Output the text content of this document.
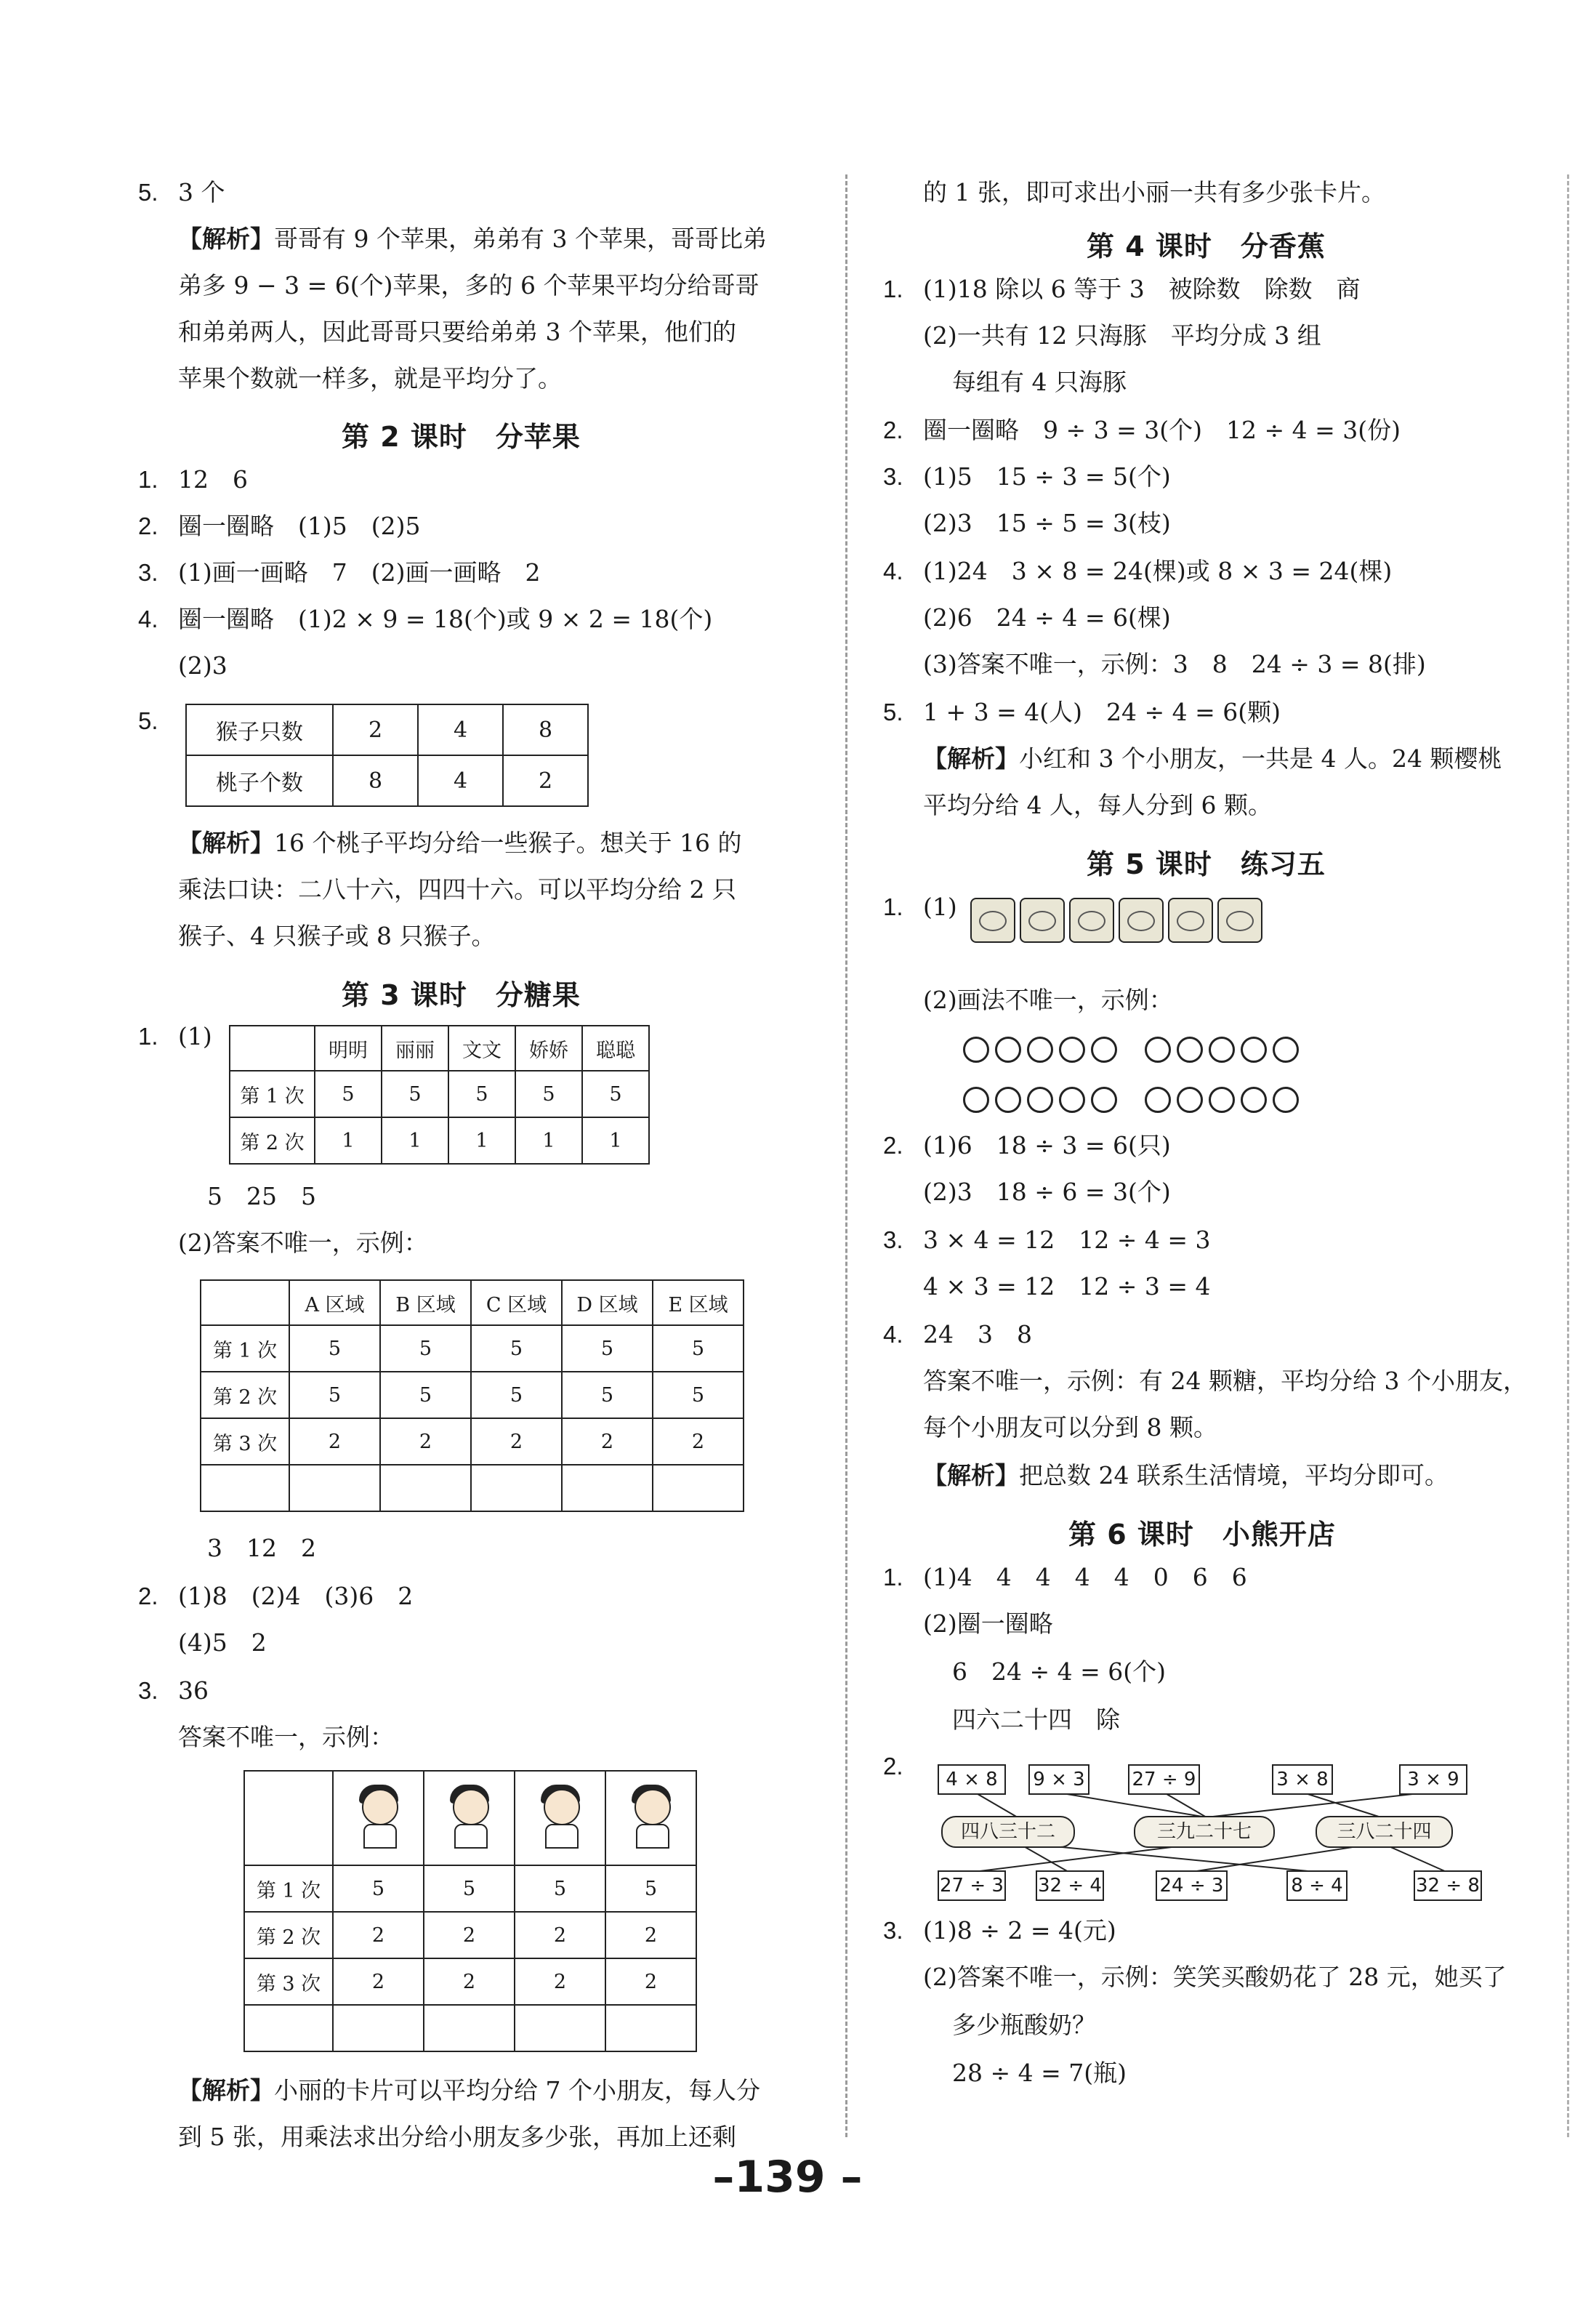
5. 3 个
【解析】哥哥有 9 个苹果，弟弟有 3 个苹果，哥哥比弟
弟多 9 − 3 = 6(个)苹果，多的 6 个苹果平均分给哥哥
和弟弟两人，因此哥哥只要给弟弟 3 个苹果，他们的
苹果个数就一样多，就是平均分了。
第 2 课时　分苹果
1. 12　6
2. 圈一圈略　(1)5　(2)5
3. (1)画一画略　7　(2)画一画略　2
4. 圈一圈略　(1)2 × 9 = 18(个)或 9 × 2 = 18(个)
(2)3
5.	猴子只数	2	4	8
桃子个数	8	4	2
【解析】16 个桃子平均分给一些猴子。想关于 16 的
乘法口诀：二八十六，四四十六。可以平均分给 2 只
猴子、4 只猴子或 8 只猴子。
第 3 课时　分糖果
1. (1)
		明明	丽丽	文文	娇娇	聪聪
第 1 次	5	5	5	5	5
第 2 次	1	1	1	1	1
5　25　5
(2)答案不唯一，示例：
	A 区域	B 区域	C 区域	D 区域	E 区域
第 1 次	5	5	5	5	5
第 2 次	5	5	5	5	5
第 3 次	2	2	2	2	2

3　12　2
2. (1)8　(2)4　(3)6　2
(4)5　2
3. 36
答案不唯一，示例：

第 1 次	5	5	5	5
第 2 次	2	2	2	2
第 3 次	2	2	2	2

【解析】小丽的卡片可以平均分给 7 个小朋友，每人分
到 5 张，用乘法求出分给小朋友多少张，再加上还剩
的 1 张，即可求出小丽一共有多少张卡片。
第 4 课时　分香蕉
1. (1)18 除以 6 等于 3　被除数　除数　商
(2)一共有 12 只海豚　平均分成 3 组
每组有 4 只海豚
2. 圈一圈略　9 ÷ 3 = 3(个)　12 ÷ 4 = 3(份)
3. (1)5　15 ÷ 3 = 5(个)
(2)3　15 ÷ 5 = 3(枝)
4. (1)24　3 × 8 = 24(棵)或 8 × 3 = 24(棵)
(2)6　24 ÷ 4 = 6(棵)
(3)答案不唯一，示例：3　8　24 ÷ 3 = 8(排)
5. 1 + 3 = 4(人)　24 ÷ 4 = 6(颗)
【解析】小红和 3 个小朋友，一共是 4 人。24 颗樱桃
平均分给 4 人，每人分到 6 颗。
第 5 课时　练习五
1. (1)
(2)画法不唯一，示例：
2. (1)6　18 ÷ 3 = 6(只)
(2)3　18 ÷ 6 = 3(个)
3. 3 × 4 = 12　12 ÷ 4 = 3
4 × 3 = 12　12 ÷ 3 = 4
4. 24　3　8
答案不唯一，示例：有 24 颗糖，平均分给 3 个小朋友，
每个小朋友可以分到 8 颗。
【解析】把总数 24 联系生活情境，平均分即可。
第 6 课时　小熊开店
1. (1)4　4　4　4　4　0　6　6
(2)圈一圈略
6　24 ÷ 4 = 6(个)
四六二十四　除
2.	4 × 8	9 × 3 27 ÷ 9	3 × 8	3 × 9
四八三十二	三九二十七	三八二十四
27 ÷ 3 32 ÷ 4	24 ÷ 3	8 ÷ 4	32 ÷ 8
3. (1)8 ÷ 2 = 4(元)
(2)答案不唯一，示例：笑笑买酸奶花了 28 元，她买了
多少瓶酸奶？
28 ÷ 4 = 7(瓶)
–139 –
